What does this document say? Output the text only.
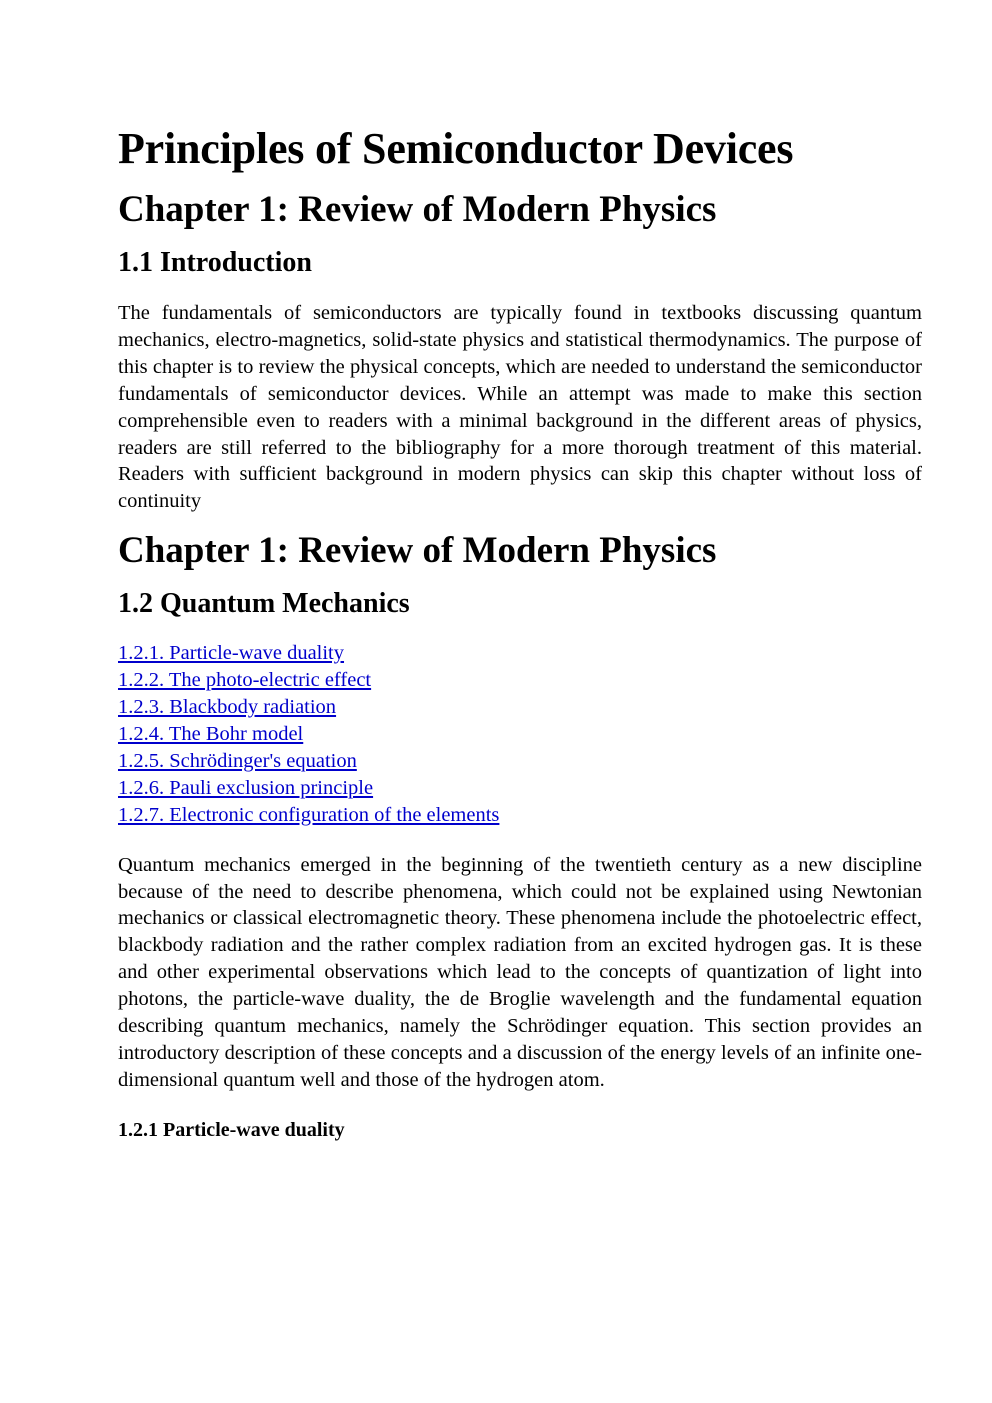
Principles of Semiconductor Devices
Chapter 1: Review of Modern Physics
1.1 Introduction

The fundamentals of semiconductors are typically found in textbooks discussing quantum mechanics, electro-magnetics, solid-state physics and statistical thermodynamics. The purpose of this chapter is to review the physical concepts, which are needed to understand the semiconductor fundamentals of semiconductor devices. While an attempt was made to make this section comprehensible even to readers with a minimal background in the different areas of physics, readers are still referred to the bibliography for a more thorough treatment of this material. Readers with sufficient background in modern physics can skip this chapter without loss of continuity

Chapter 1: Review of Modern Physics
1.2 Quantum Mechanics
1.2.1. Particle-wave duality
1.2.2. The photo-electric effect
1.2.3. Blackbody radiation
1.2.4. The Bohr model
1.2.5. Schrödinger's equation
1.2.6. Pauli exclusion principle
1.2.7. Electronic configuration of the elements

Quantum mechanics emerged in the beginning of the twentieth century as a new discipline because of the need to describe phenomena, which could not be explained using Newtonian mechanics or classical electromagnetic theory. These phenomena include the photoelectric effect, blackbody radiation and the rather complex radiation from an excited hydrogen gas. It is these and other experimental observations which lead to the concepts of quantization of light into photons, the particle-wave duality, the de Broglie wavelength and the fundamental equation describing quantum mechanics, namely the Schrödinger equation. This section provides an introductory description of these concepts and a discussion of the energy levels of an infinite one-dimensional quantum well and those of the hydrogen atom.

1.2.1 Particle-wave duality
